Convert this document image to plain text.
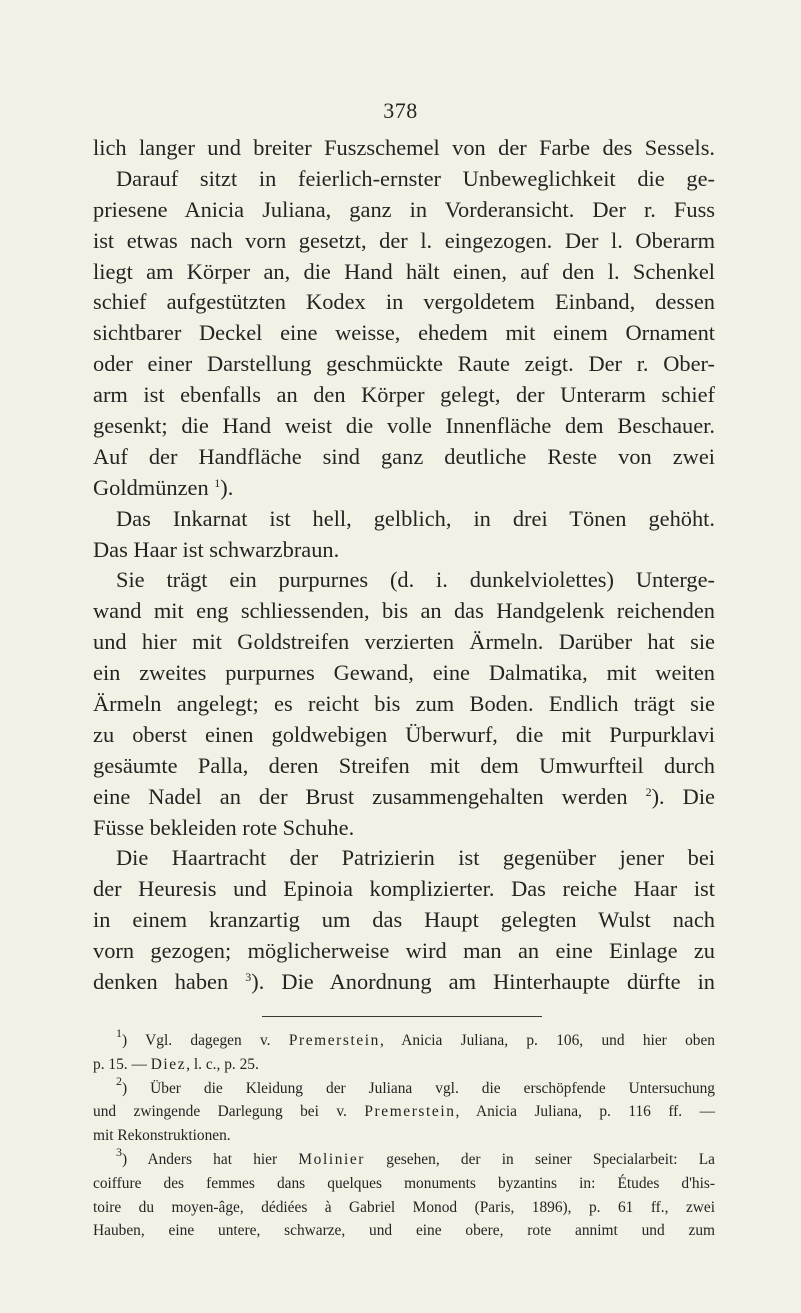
378
lich langer und breiter Fuszschemel von der Farbe des Sessels.
Darauf sitzt in feierlich-ernster Unbeweglichkeit die ge-
priesene Anicia Juliana, ganz in Vorderansicht. Der r. Fuss
ist etwas nach vorn gesetzt, der l. eingezogen. Der l. Oberarm
liegt am Körper an, die Hand hält einen, auf den l. Schenkel
schief aufgestützten Kodex in vergoldetem Einband, dessen
sichtbarer Deckel eine weisse, ehedem mit einem Ornament
oder einer Darstellung geschmückte Raute zeigt. Der r. Ober-
arm ist ebenfalls an den Körper gelegt, der Unterarm schief
gesenkt; die Hand weist die volle Innenfläche dem Beschauer.
Auf der Handfläche sind ganz deutliche Reste von zwei
Goldmünzen $^1$).
Das Inkarnat ist hell, gelblich, in drei Tönen gehöht.
Das Haar ist schwarzbraun.
Sie trägt ein purpurnes (d. i. dunkelviolettes) Unterge-
wand mit eng schliessenden, bis an das Handgelenk reichenden
und hier mit Goldstreifen verzierten Ärmeln. Darüber hat sie
ein zweites purpurnes Gewand, eine Dalmatika, mit weiten
Ärmeln angelegt; es reicht bis zum Boden. Endlich trägt sie
zu oberst einen goldwebigen Überwurf, die mit Purpurklavi
gesäumte Palla, deren Streifen mit dem Umwurfteil durch
eine Nadel an der Brust zusammengehalten werden $^2$). Die
Füsse bekleiden rote Schuhe.
Die Haartracht der Patrizierin ist gegenüber jener bei
der Heuresis und Epinoia komplizierter. Das reiche Haar ist
in einem kranzartig um das Haupt gelegten Wulst nach
vorn gezogen; möglicherweise wird man an eine Einlage zu
denken haben $^3$). Die Anordnung am Hinterhaupte dürfte in
$^1$) Vgl. dagegen v. Premerstein, Anicia Juliana, p. 106, und hier oben
p. 15. — Diez, l. c., p. 25.
$^2$) Über die Kleidung der Juliana vgl. die erschöpfende Untersuchung
und zwingende Darlegung bei v. Premerstein, Anicia Juliana, p. 116 ff. —
mit Rekonstruktionen.
$^3$) Anders hat hier Molinier gesehen, der in seiner Specialarbeit: La
coiffure des femmes dans quelques monuments byzantins in: Études d'his-
toire du moyen-âge, dédiées à Gabriel Monod (Paris, 1896), p. 61 ff., zwei
Hauben, eine untere, schwarze, und eine obere, rote annimt und zum
